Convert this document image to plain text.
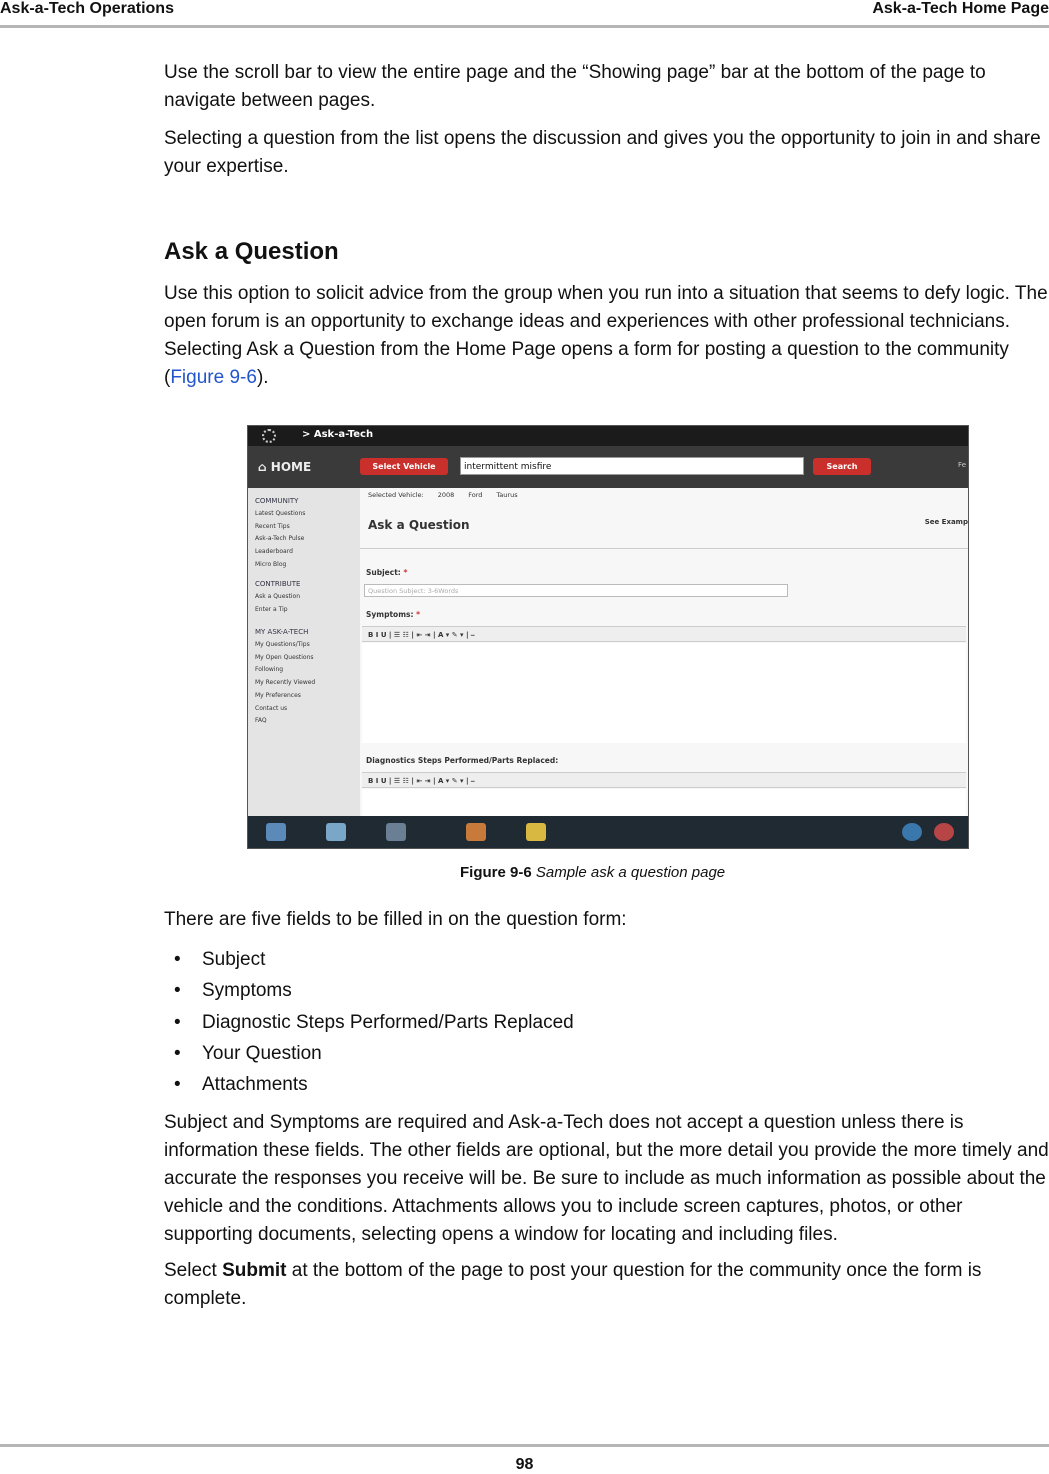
Ask-a-Tech Operations	Ask-a-Tech Home Page

Use the scroll bar to view the entire page and the “Showing page” bar at the bottom of the page to navigate between pages.

Selecting a question from the list opens the discussion and gives you the opportunity to join in and share your expertise.

Ask a Question

Use this option to solicit advice from the group when you run into a situation that seems to defy logic. The open forum is an opportunity to exchange ideas and experiences with other professional technicians. Selecting Ask a Question from the Home Page opens a form for posting a question to the community (Figure 9-6).

There are five fields to be filled in on the question form:

• Subject
• Symptoms
• Diagnostic Steps Performed/Parts Replaced
• Your Question
• Attachments

Subject and Symptoms are required and Ask-a-Tech does not accept a question unless there is information these fields. The other fields are optional, but the more detail you provide the more timely and accurate the responses you receive will be. Be sure to include as much information as possible about the vehicle and the conditions. Attachments allows you to include screen captures, photos, or other supporting documents, selecting opens a window for locating and including files.

Select Submit at the bottom of the page to post your question for the community once the form is complete.

> Ask-a-Tech
⌂ HOME	Select Vehicle	intermittent misfire	Search	Fe
COMMUNITY
Latest Questions
Recent Tips
Ask-a-Tech Pulse
Leaderboard
Micro Blog
CONTRIBUTE
Ask a Question
Enter a Tip
MY ASK-A-TECH
My Questions/Tips
My Open Questions
Following
My Recently Viewed
My Preferences
Contact us
FAQ
Selected Vehicle: 2008 Ford Taurus
Ask a Question	See Examp
Subject: *
Question Subject: 3-6Words
Symptoms: *
B I U | ☰ ☷ | ⇤ ⇥ | A ▾ ✎ ▾ | ⎯
Diagnostics Steps Performed/Parts Replaced:
B I U | ☰ ☷ | ⇤ ⇥ | A ▾ ✎ ▾ | ⎯
Figure 9-6 Sample ask a question page
98
